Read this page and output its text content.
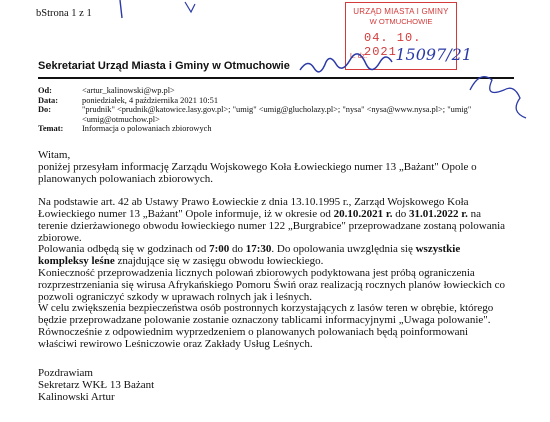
bStrona 1 z 1	URZĄD MIASTA I GMINY
W OTMUCHOWIE
04. 10. 2021
L. dz. 15097/21
Sekretariat Urząd Miasta i Gminy w Otmuchowie
Od:	<artur_kalinowski@wp.pl>
Data:	poniedziałek, 4 października 2021 10:51
Do:	"prudnik" <prudnik@katowice.lasy.gov.pl>; "umig" <umig@glucholazy.pl>; "nysa" <nysa@www.nysa.pl>; "umig" <umig@otmuchow.pl>
Temat:	Informacja o polowaniach zbiorowych

Witam,
poniżej przesyłam informację Zarządu Wojskowego Koła Łowieckiego numer 13 „Bażant" Opole o planowanych polowaniach zbiorowych.

Na podstawie art. 42 ab Ustawy Prawo Łowieckie z dnia 13.10.1995 r., Zarząd Wojskowego Koła Łowieckiego numer 13 „Bażant" Opole informuje, iż w okresie od 20.10.2021 r. do 31.01.2022 r. na terenie dzierżawionego obwodu łowieckiego numer 122 „Burgrabice" przeprowadzane zostaną polowania zbiorowe.
Polowania odbędą się w godzinach od 7:00 do 17:30. Do opolowania uwzględnia się wszystkie kompleksy leśne znajdujące się w zasięgu obwodu łowieckiego.
Konieczność przeprowadzenia licznych polowań zbiorowych podyktowana jest próbą ograniczenia rozprzestrzeniania się wirusa Afrykańskiego Pomoru Świń oraz realizacją rocznych planów łowieckich co pozwoli ograniczyć szkody w uprawach rolnych jak i leśnych.
W celu zwiększenia bezpieczeństwa osób postronnych korzystających z lasów teren w obrębie, którego będzie przeprowadzane polowanie zostanie oznaczony tablicami informacyjnymi „Uwaga polowanie". Równocześnie z odpowiednim wyprzedzeniem o planowanych polowaniach będą poinformowani właściwi rewirowo Leśniczowie oraz Zakłady Usług Leśnych.

Pozdrawiam
Sekretarz WKŁ 13 Bażant
Kalinowski Artur
